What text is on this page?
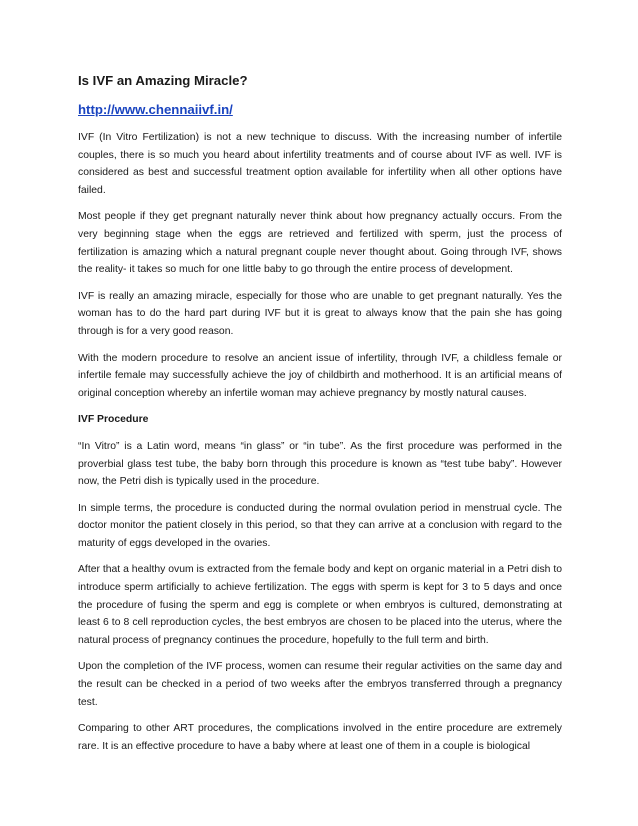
Is IVF an Amazing Miracle?
http://www.chennaiivf.in/

IVF (In Vitro Fertilization) is not a new technique to discuss. With the increasing number of infertile couples, there is so much you heard about infertility treatments and of course about IVF as well. IVF is considered as best and successful treatment option available for infertility when all other options have failed.

Most people if they get pregnant naturally never think about how pregnancy actually occurs. From the very beginning stage when the eggs are retrieved and fertilized with sperm, just the process of fertilization is amazing which a natural pregnant couple never thought about. Going through IVF, shows the reality- it takes so much for one little baby to go through the entire process of development.

IVF is really an amazing miracle, especially for those who are unable to get pregnant naturally. Yes the woman has to do the hard part during IVF but it is great to always know that the pain she has going through is for a very good reason.

With the modern procedure to resolve an ancient issue of infertility, through IVF, a childless female or infertile female may successfully achieve the joy of childbirth and motherhood. It is an artificial means of original conception whereby an infertile woman may achieve pregnancy by mostly natural causes.

IVF Procedure

“In Vitro” is a Latin word, means “in glass” or “in tube”. As the first procedure was performed in the proverbial glass test tube, the baby born through this procedure is known as “test tube baby”. However now, the Petri dish is typically used in the procedure.

In simple terms, the procedure is conducted during the normal ovulation period in menstrual cycle. The doctor monitor the patient closely in this period, so that they can arrive at a conclusion with regard to the maturity of eggs developed in the ovaries.

After that a healthy ovum is extracted from the female body and kept on organic material in a Petri dish to introduce sperm artificially to achieve fertilization. The eggs with sperm is kept for 3 to 5 days and once the procedure of fusing the sperm and egg is complete or when embryos is cultured, demonstrating at least 6 to 8 cell reproduction cycles, the best embryos are chosen to be placed into the uterus, where the natural process of pregnancy continues the procedure, hopefully to the full term and birth.

Upon the completion of the IVF process, women can resume their regular activities on the same day and the result can be checked in a period of two weeks after the embryos transferred through a pregnancy test.

Comparing to other ART procedures, the complications involved in the entire procedure are extremely rare. It is an effective procedure to have a baby where at least one of them in a couple is biological
